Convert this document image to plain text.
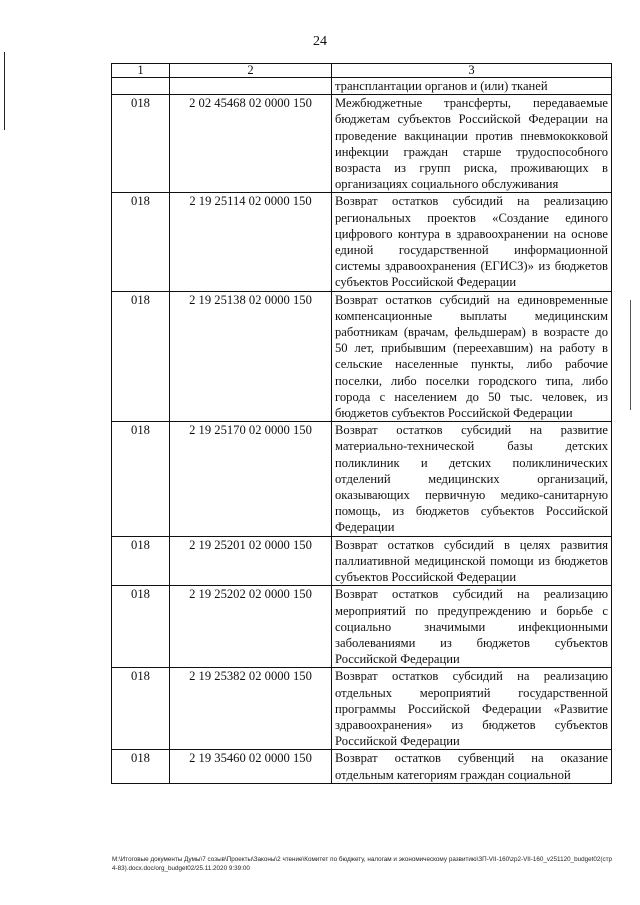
24
1	2	3
		трансплантации органов и (или) тканей
018	2 02 45468 02 0000 150	Межбюджетные трансферты, передаваемые бюджетам субъектов Российской Федерации на проведение вакцинации против пневмококковой инфекции граждан старше трудоспособного возраста из групп риска, проживающих в организациях социального обслуживания
018	2 19 25114 02 0000 150	Возврат остатков субсидий на реализацию региональных проектов «Создание единого цифрового контура в здравоохранении на основе единой государственной информационной системы здравоохранения (ЕГИСЗ)» из бюджетов субъектов Российской Федерации
018	2 19 25138 02 0000 150	Возврат остатков субсидий на единовременные компенсационные выплаты медицинским работникам (врачам, фельдшерам) в возрасте до 50 лет, прибывшим (переехавшим) на работу в сельские населенные пункты, либо рабочие поселки, либо поселки городского типа, либо города с населением до 50 тыс. человек, из бюджетов субъектов Российской Федерации
018	2 19 25170 02 0000 150	Возврат остатков субсидий на развитие материально-технической базы детских поликлиник и детских поликлинических отделений медицинских организаций, оказывающих первичную медико-санитарную помощь, из бюджетов субъектов Российской Федерации
018	2 19 25201 02 0000 150	Возврат остатков субсидий в целях развития паллиативной медицинской помощи из бюджетов субъектов Российской Федерации
018	2 19 25202 02 0000 150	Возврат остатков субсидий на реализацию мероприятий по предупреждению и борьбе с социально значимыми инфекционными заболеваниями из бюджетов субъектов Российской Федерации
018	2 19 25382 02 0000 150	Возврат остатков субсидий на реализацию отдельных мероприятий государственной программы Российской Федерации «Развитие здравоохранения» из бюджетов субъектов Российской Федерации
018	2 19 35460 02 0000 150	Возврат остатков субвенций на оказание отдельным категориям граждан социальной
M:\Итоговые документы Думы\7 созыв\Проекты\Законы\2 чтение\Комитет по бюджету, налогам и экономическому развитию\ЗП-VII-160\zp2-VII-160_v251120_budget02(стр 4-83).docx.doc/org_budget02/25.11.2020 9:39:00
